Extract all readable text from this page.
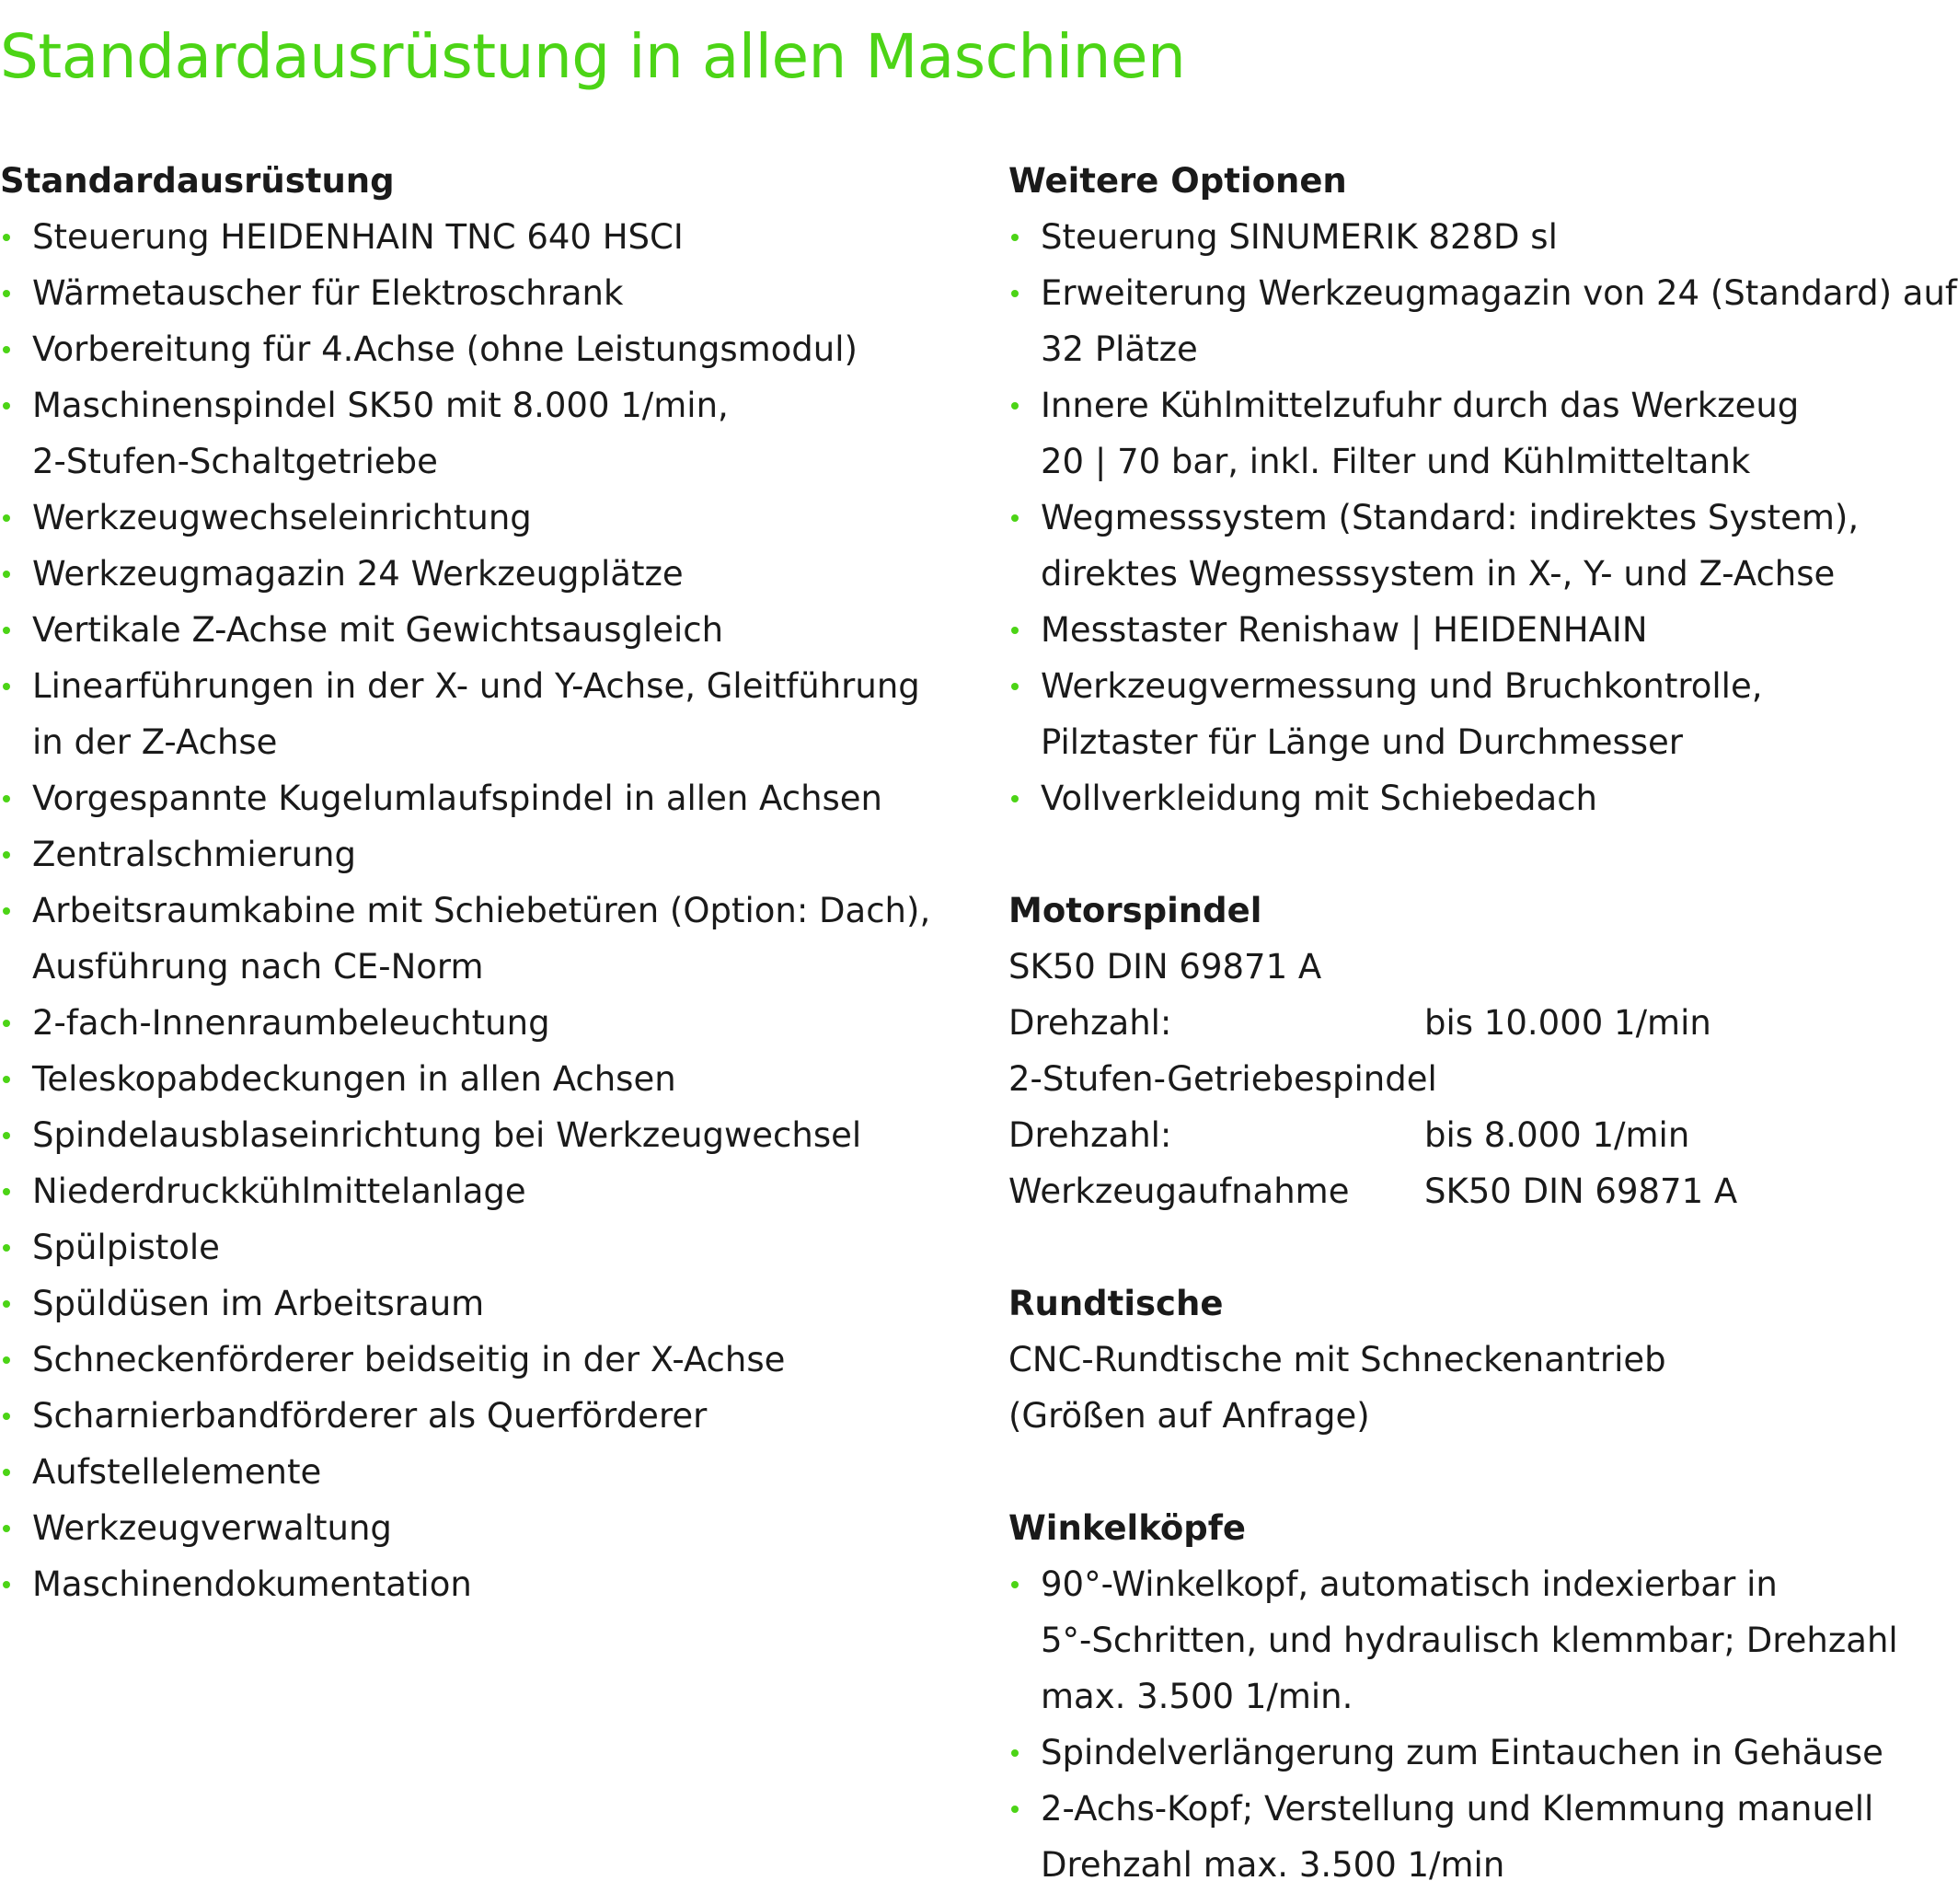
Standardausrüstung in allen Maschinen
Standardausrüstung
Steuerung HEIDENHAIN TNC 640 HSCI
Wärmetauscher für Elektroschrank
Vorbereitung für 4.Achse (ohne Leistungsmodul)
Maschinenspindel SK50 mit 8.000 1/min,
2-Stufen-Schaltgetriebe
Werkzeugwechseleinrichtung
Werkzeugmagazin 24 Werkzeugplätze
Vertikale Z-Achse mit Gewichtsausgleich
Linearführungen in der X- und Y-Achse, Gleitführung
in der Z-Achse
Vorgespannte Kugelumlaufspindel in allen Achsen
Zentralschmierung
Arbeitsraumkabine mit Schiebetüren (Option: Dach),
Ausführung nach CE-Norm
2-fach-Innenraumbeleuchtung
Teleskopabdeckungen in allen Achsen
Spindelausblaseinrichtung bei Werkzeugwechsel
Niederdruckkühlmittelanlage
Spülpistole
Spüldüsen im Arbeitsraum
Schneckenförderer beidseitig in der X-Achse
Scharnierbandförderer als Querförderer
Aufstellelemente
Werkzeugverwaltung
Maschinendokumentation
Weitere Optionen
Steuerung SINUMERIK 828D sl
Erweiterung Werkzeugmagazin von 24 (Standard) auf
32 Plätze
Innere Kühlmittelzufuhr durch das Werkzeug
20 | 70 bar, inkl. Filter und Kühlmitteltank
Wegmesssystem (Standard: indirektes System),
direktes Wegmesssystem in X-, Y- und Z-Achse
Messtaster Renishaw | HEIDENHAIN
Werkzeugvermessung und Bruchkontrolle,
Pilztaster für Länge und Durchmesser
Vollverkleidung mit Schiebedach
Motorspindel
SK50 DIN 69871 A
Drehzahl:	bis 10.000 1/min
2-Stufen-Getriebespindel
Drehzahl:	bis 8.000 1/min
Werkzeugaufnahme	SK50 DIN 69871 A
Rundtische
CNC-Rundtische mit Schneckenantrieb
(Größen auf Anfrage)
Winkelköpfe
90°-Winkelkopf, automatisch indexierbar in
5°-Schritten, und hydraulisch klemmbar; Drehzahl
max. 3.500 1/min.
Spindelverlängerung zum Eintauchen in Gehäuse
2-Achs-Kopf; Verstellung und Klemmung manuell
Drehzahl max. 3.500 1/min
